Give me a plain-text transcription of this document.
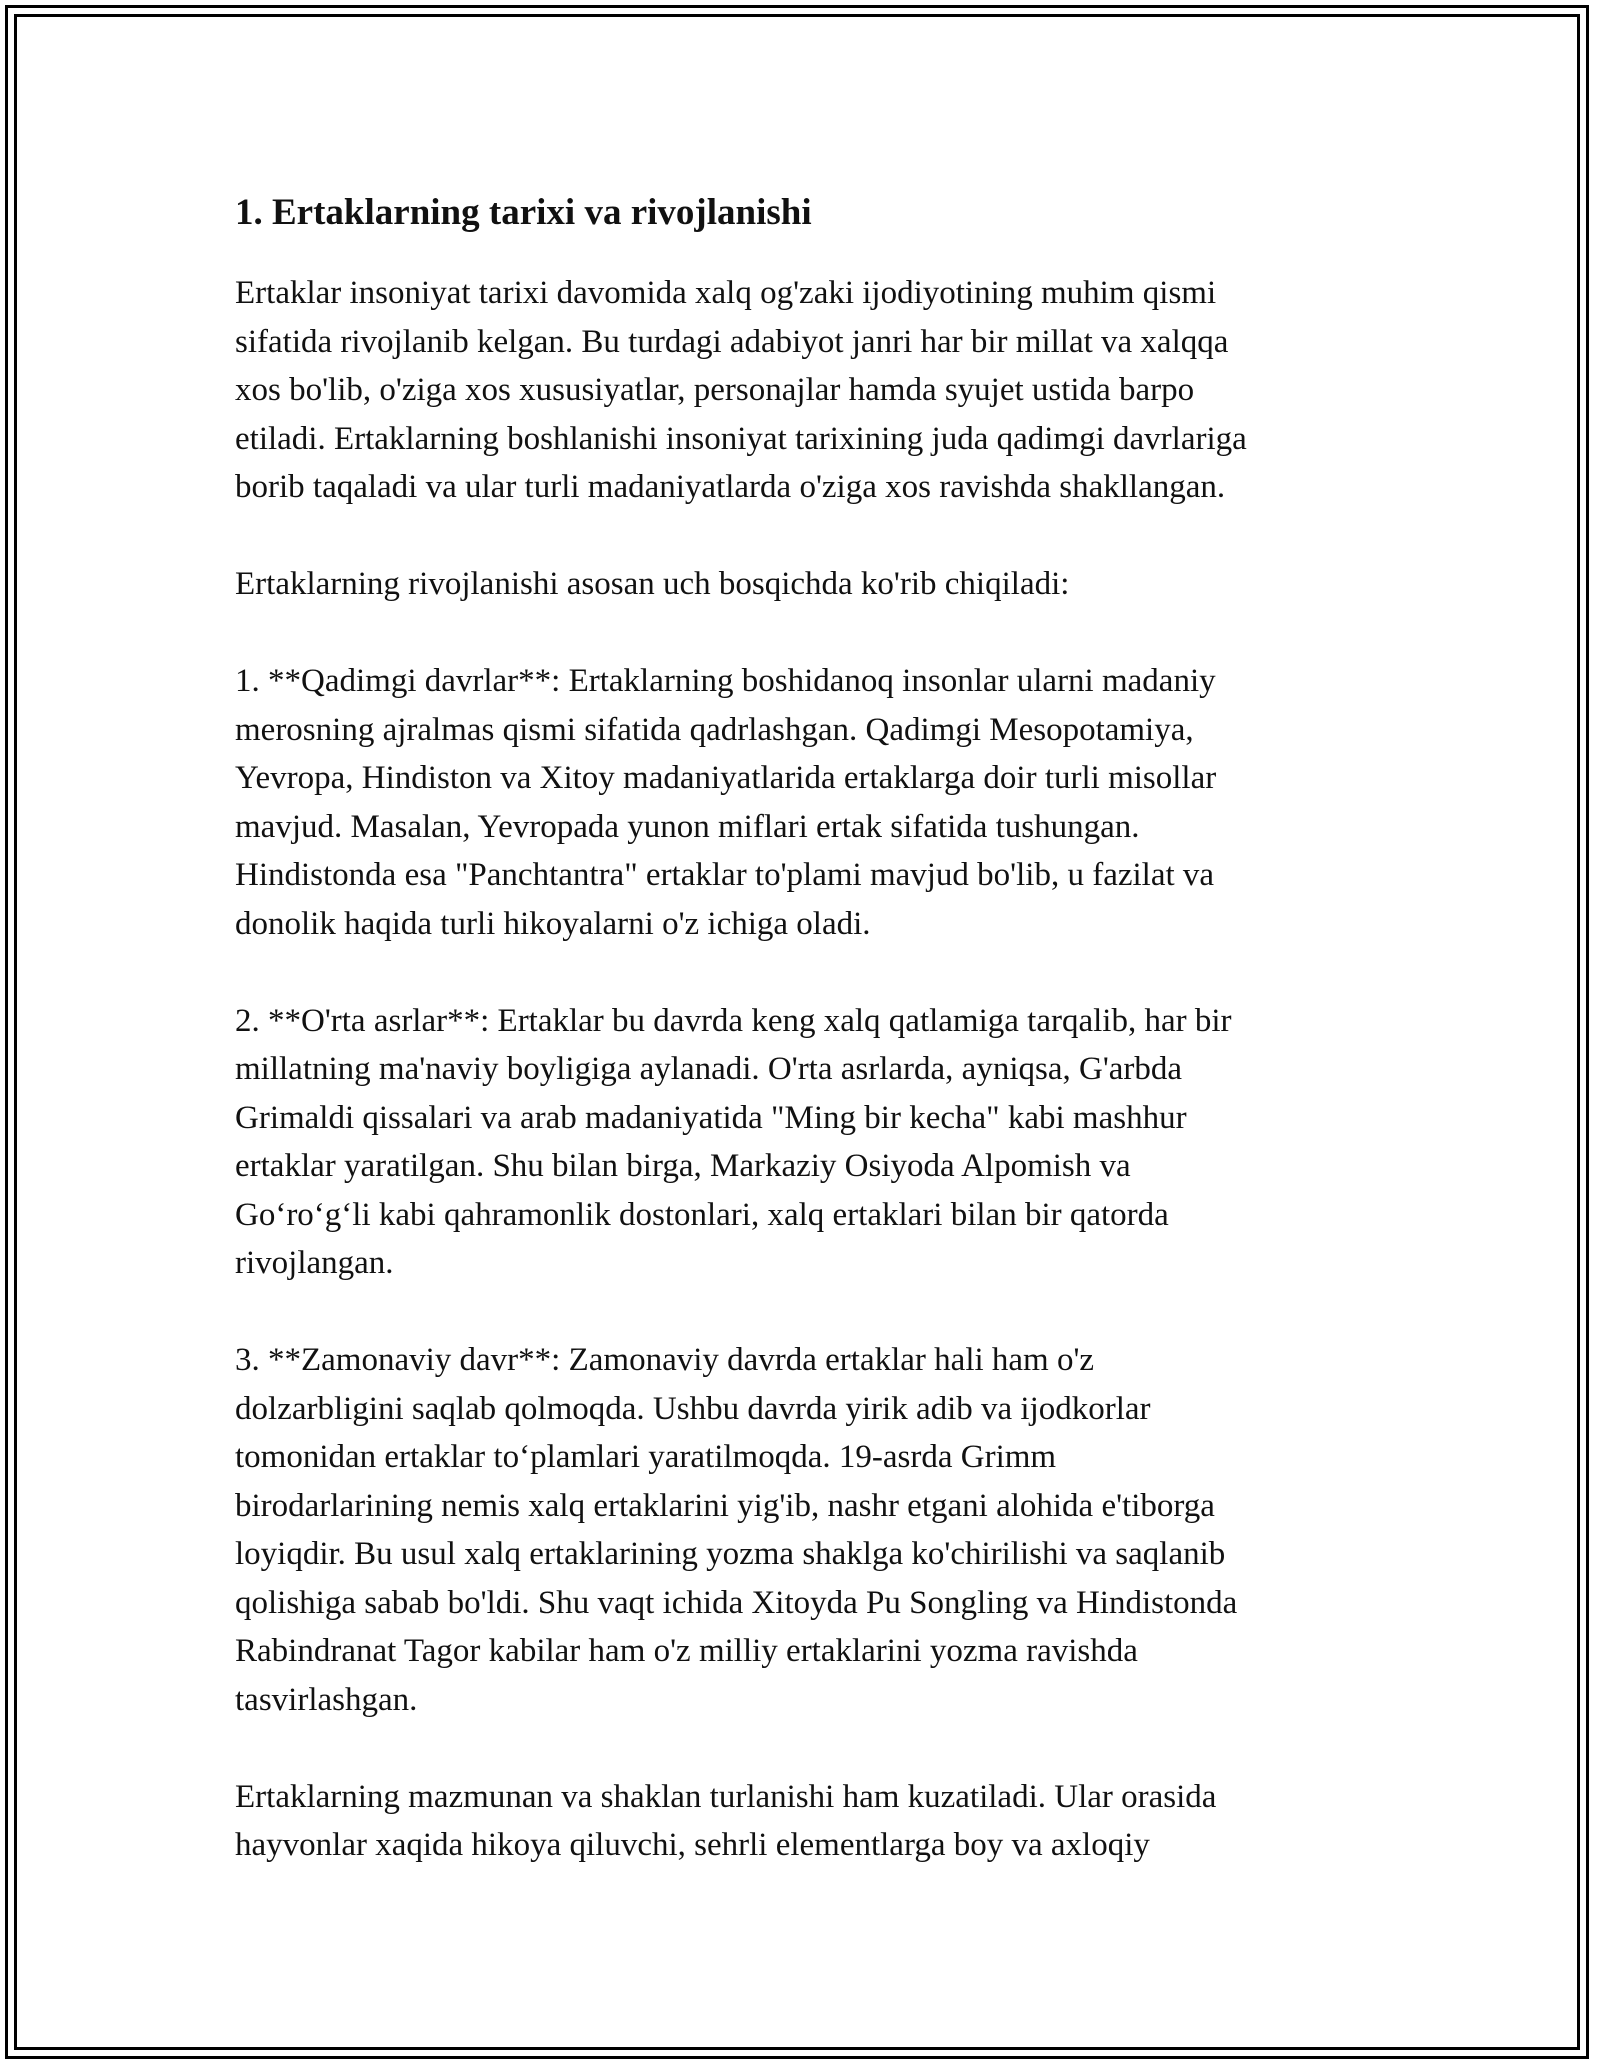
1. Ertaklarning tarixi va rivojlanishi

Ertaklar insoniyat tarixi davomida xalq og'zaki ijodiyotining muhim qismi
sifatida rivojlanib kelgan. Bu turdagi adabiyot janri har bir millat va xalqqa
xos bo'lib, o'ziga xos xususiyatlar, personajlar hamda syujet ustida barpo
etiladi. Ertaklarning boshlanishi insoniyat tarixining juda qadimgi davrlariga
borib taqaladi va ular turli madaniyatlarda o'ziga xos ravishda shakllangan.

Ertaklarning rivojlanishi asosan uch bosqichda ko'rib chiqiladi:

1. **Qadimgi davrlar**: Ertaklarning boshidanoq insonlar ularni madaniy
merosning ajralmas qismi sifatida qadrlashgan. Qadimgi Mesopotamiya,
Yevropa, Hindiston va Xitoy madaniyatlarida ertaklarga doir turli misollar
mavjud. Masalan, Yevropada yunon miflari ertak sifatida tushungan.
Hindistonda esa "Panchtantra" ertaklar to'plami mavjud bo'lib, u fazilat va
donolik haqida turli hikoyalarni o'z ichiga oladi.

2. **O'rta asrlar**: Ertaklar bu davrda keng xalq qatlamiga tarqalib, har bir
millatning ma'naviy boyligiga aylanadi. O'rta asrlarda, ayniqsa, G'arbda
Grimaldi qissalari va arab madaniyatida "Ming bir kecha" kabi mashhur
ertaklar yaratilgan. Shu bilan birga, Markaziy Osiyoda Alpomish va
Go‘ro‘g‘li kabi qahramonlik dostonlari, xalq ertaklari bilan bir qatorda
rivojlangan.

3. **Zamonaviy davr**: Zamonaviy davrda ertaklar hali ham o'z
dolzarbligini saqlab qolmoqda. Ushbu davrda yirik adib va ijodkorlar
tomonidan ertaklar to‘plamlari yaratilmoqda. 19-asrda Grimm
birodarlarining nemis xalq ertaklarini yig'ib, nashr etgani alohida e'tiborga
loyiqdir. Bu usul xalq ertaklarining yozma shaklga ko'chirilishi va saqlanib
qolishiga sabab bo'ldi. Shu vaqt ichida Xitoyda Pu Songling va Hindistonda
Rabindranat Tagor kabilar ham o'z milliy ertaklarini yozma ravishda
tasvirlashgan.

Ertaklarning mazmunan va shaklan turlanishi ham kuzatiladi. Ular orasida
hayvonlar xaqida hikoya qiluvchi, sehrli elementlarga boy va axloqiy
